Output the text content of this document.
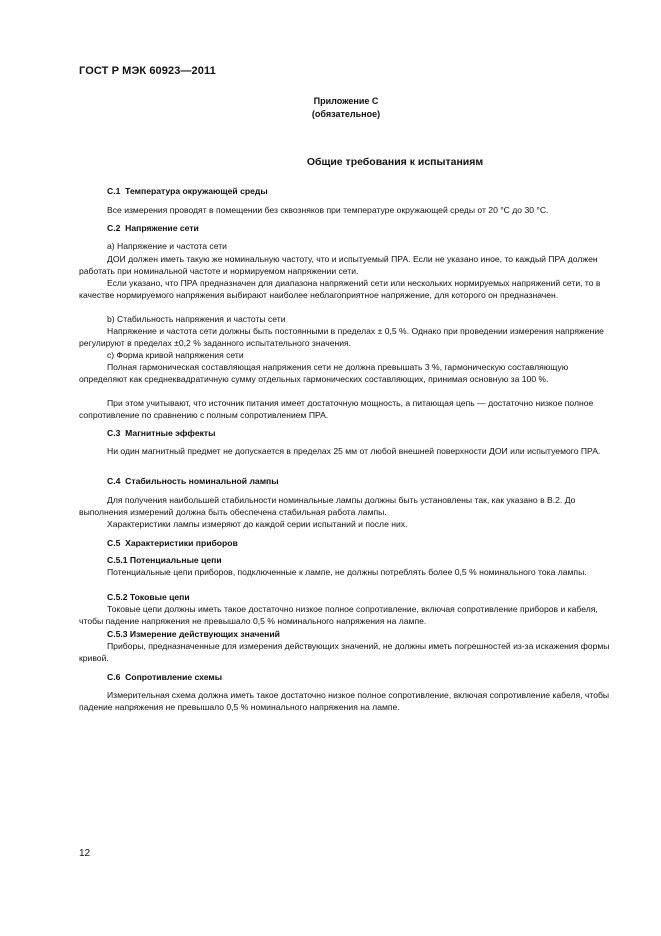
ГОСТ Р МЭК 60923—2011
Приложение С
(обязательное)
Общие требования к испытаниям
С.1 Температура окружающей среды
Все измерения проводят в помещении без сквозняков при температуре окружающей среды от 20 °C до 30 °C.
С.2 Напряжение сети
а) Напряжение и частота сети
ДОИ должен иметь такую же номинальную частоту, что и испытуемый ПРА. Если не указано иное, то каждый ПРА должен работать при номинальной частоте и нормируемом напряжении сети.
Если указано, что ПРА предназначен для диапазона напряжений сети или нескольких нормируемых напряжений сети, то в качестве нормируемого напряжения выбирают наиболее неблагоприятное напряжение, для которого он предназначен.
b) Стабильность напряжения и частоты сети
Напряжение и частота сети должны быть постоянными в пределах ± 0,5 %. Однако при проведении измерения напряжение регулируют в пределах ±0,2 % заданного испытательного значения.
с) Форма кривой напряжения сети
Полная гармоническая составляющая напряжения сети не должна превышать 3 %, гармоническую составляющую определяют как среднеквадратичную сумму отдельных гармонических составляющих, принимая основную за 100 %.
При этом учитывают, что источник питания имеет достаточную мощность, а питающая цепь — достаточно низкое полное сопротивление по сравнению с полным сопротивлением ПРА.
С.3 Магнитные эффекты
Ни один магнитный предмет не допускается в пределах 25 мм от любой внешней поверхности ДОИ или испытуемого ПРА.
С.4 Стабильность номинальной лампы
Для получения наибольшей стабильности номинальные лампы должны быть установлены так, как указано в В.2. До выполнения измерений должна быть обеспечена стабильная работа лампы.
Характеристики лампы измеряют до каждой серии испытаний и после них.
С.5 Характеристики приборов
С.5.1 Потенциальные цепи
Потенциальные цепи приборов, подключенные к лампе, не должны потреблять более 0,5 % номинального тока лампы.
С.5.2 Токовые цепи
Токовые цепи должны иметь такое достаточно низкое полное сопротивление, включая сопротивление приборов и кабеля, чтобы падение напряжения не превышало 0,5 % номинального напряжения на лампе.
С.5.3 Измерение действующих значений
Приборы, предназначенные для измерения действующих значений, не должны иметь погрешностей из-за искажения формы кривой.
С.6 Сопротивление схемы
Измерительная схема должна иметь такое достаточно низкое полное сопротивление, включая сопротивление кабеля, чтобы падение напряжения не превышало 0,5 % номинального напряжения на лампе.
12
